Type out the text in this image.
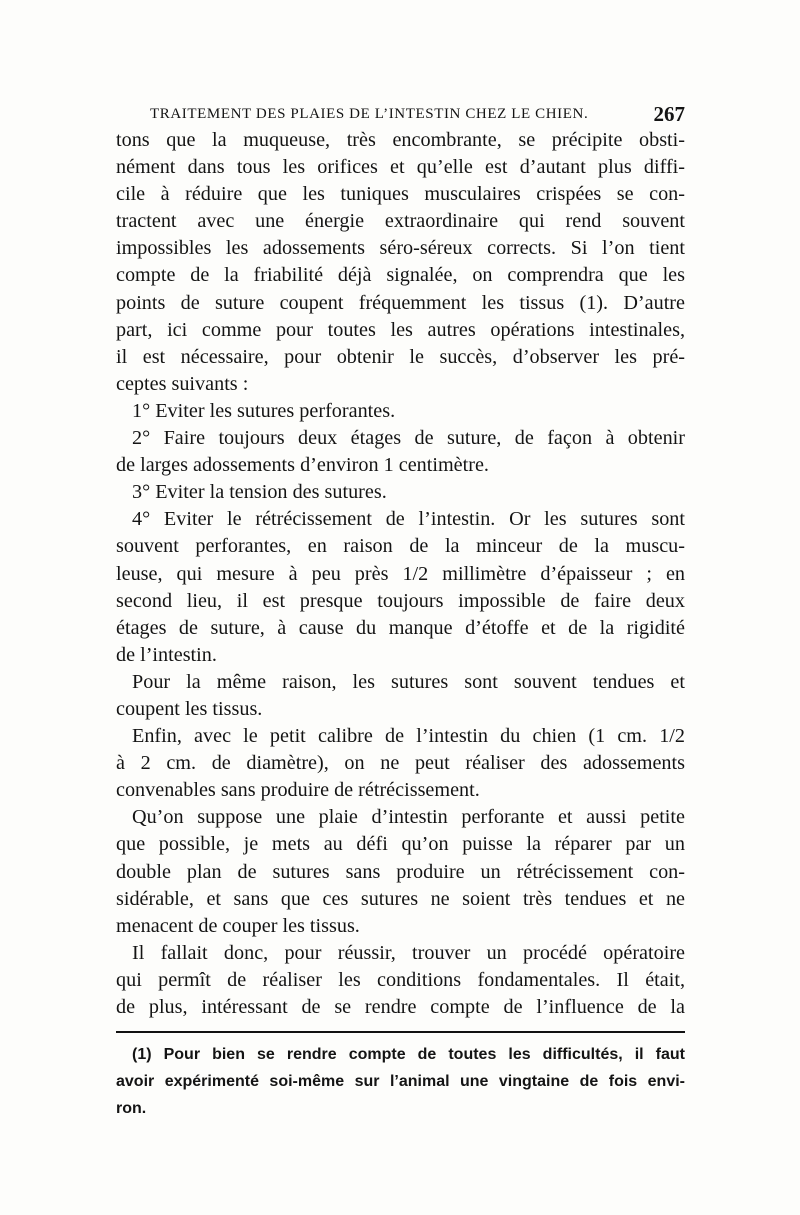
TRAITEMENT DES PLAIES DE L’INTESTIN CHEZ LE CHIEN.	267
tons que la muqueuse, très encombrante, se précipite obsti-
nément dans tous les orifices et qu’elle est d’autant plus diffi-
cile à réduire que les tuniques musculaires crispées se con-
tractent avec une énergie extraordinaire qui rend souvent
impossibles les adossements séro-séreux corrects. Si l’on tient
compte de la friabilité déjà signalée, on comprendra que les
points de suture coupent fréquemment les tissus (1). D’autre
part, ici comme pour toutes les autres opérations intestinales,
il est nécessaire, pour obtenir le succès, d’observer les pré-
ceptes suivants :
1° Eviter les sutures perforantes.
2° Faire toujours deux étages de suture, de façon à obtenir
de larges adossements d’environ 1 centimètre.
3° Eviter la tension des sutures.
4° Eviter le rétrécissement de l’intestin. Or les sutures sont
souvent perforantes, en raison de la minceur de la muscu-
leuse, qui mesure à peu près 1/2 millimètre d’épaisseur ; en
second lieu, il est presque toujours impossible de faire deux
étages de suture, à cause du manque d’étoffe et de la rigidité
de l’intestin.
Pour la même raison, les sutures sont souvent tendues et
coupent les tissus.
Enfin, avec le petit calibre de l’intestin du chien (1 cm. 1/2
à 2 cm. de diamètre), on ne peut réaliser des adossements
convenables sans produire de rétrécissement.
Qu’on suppose une plaie d’intestin perforante et aussi petite
que possible, je mets au défi qu’on puisse la réparer par un
double plan de sutures sans produire un rétrécissement con-
sidérable, et sans que ces sutures ne soient très tendues et ne
menacent de couper les tissus.
Il fallait donc, pour réussir, trouver un procédé opératoire
qui permît de réaliser les conditions fondamentales. Il était,
de plus, intéressant de se rendre compte de l’influence de la
(1) Pour bien se rendre compte de toutes les difficultés, il faut
avoir expérimenté soi-même sur l’animal une vingtaine de fois envi-
ron.
